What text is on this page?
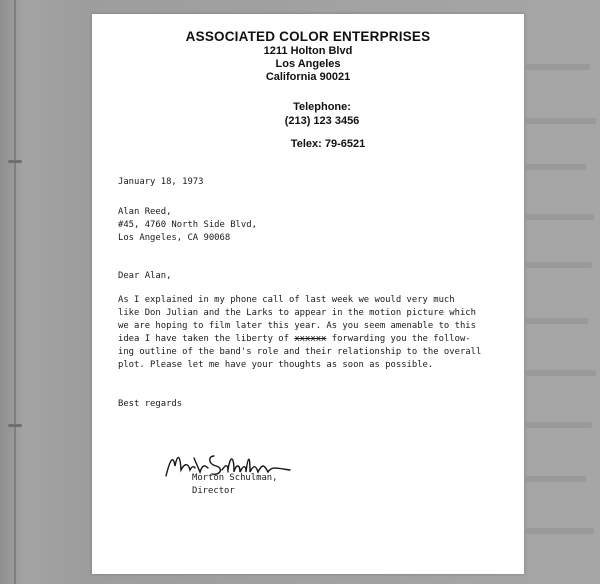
ASSOCIATED COLOR ENTERPRISES
1211 Holton Blvd
Los Angeles
California 90021
Telephone:
(213) 123 3456
Telex: 79-6521
January 18, 1973
Alan Reed,
#45, 4760 North Side Blvd,
Los Angeles, CA 90068
Dear Alan,
As I explained in my phone call of last week we would very much
like Don Julian and the Larks to appear in the motion picture which
we are hoping to film later this year. As you seem amenable to this
idea I have taken the liberty of xxxxxx forwarding you the follow-
ing outline of the band's role and their relationship to the overall
plot. Please let me have your thoughts as soon as possible.
Best regards
Morton Schulman,
Director
